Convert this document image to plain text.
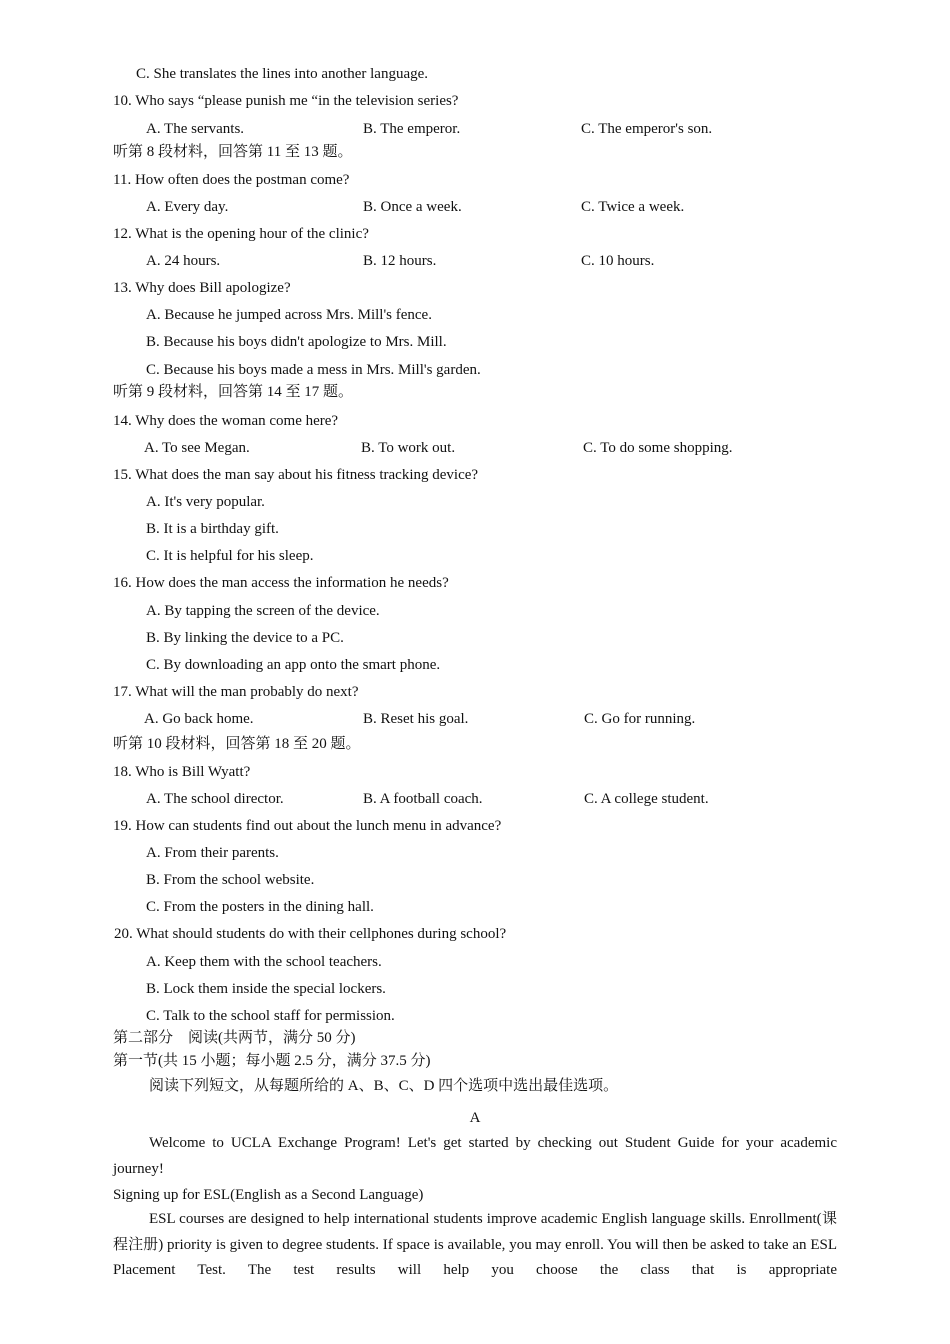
C. She translates the lines into another language.
10. Who says “please punish me “in the television series?
A. The servants.	B. The emperor.	C. The emperor's son.
听第 8 段材料，回答第 11 至 13 题。
11. How often does the postman come?
A. Every day.	B. Once a week.	C. Twice a week.
12. What is the opening hour of the clinic?
A. 24 hours.	B. 12 hours.	C. 10 hours.
13. Why does Bill apologize?
A. Because he jumped across Mrs. Mill's fence.
B. Because his boys didn't apologize to Mrs. Mill.
C. Because his boys made a mess in Mrs. Mill's garden.
听第 9 段材料，回答第 14 至 17 题。
14. Why does the woman come here?
A. To see Megan.	B. To work out.	C. To do some shopping.
15. What does the man say about his fitness tracking device?
A. It's very popular.
B. It is a birthday gift.
C. It is helpful for his sleep.
16. How does the man access the information he needs?
A. By tapping the screen of the device.
B. By linking the device to a PC.
C. By downloading an app onto the smart phone.
17. What will the man probably do next?
A. Go back home.	B. Reset his goal.	C. Go for running.
听第 10 段材料，回答第 18 至 20 题。
18. Who is Bill Wyatt?
A. The school director.	B. A football coach.	C. A college student.
19. How can students find out about the lunch menu in advance?
A. From their parents.
B. From the school website.
C. From the posters in the dining hall.
20. What should students do with their cellphones during school?
A. Keep them with the school teachers.
B. Lock them inside the special lockers.
C. Talk to the school staff for permission.
第二部分    阅读(共两节，满分 50 分)
第一节(共 15 小题；每小题 2.5 分，满分 37.5 分)
阅读下列短文，从每题所给的 A、B、C、D 四个选项中选出最佳选项。
A
Welcome to UCLA Exchange Program! Let's get started by checking out Student Guide for your academic journey!
Signing up for ESL(English as a Second Language)
ESL courses are designed to help international students improve academic English language skills. Enrollment(课程注册) priority is given to degree students. If space is available, you may enroll. You will then be asked to take an ESL Placement Test. The test results will help you choose the class that is appropriate
